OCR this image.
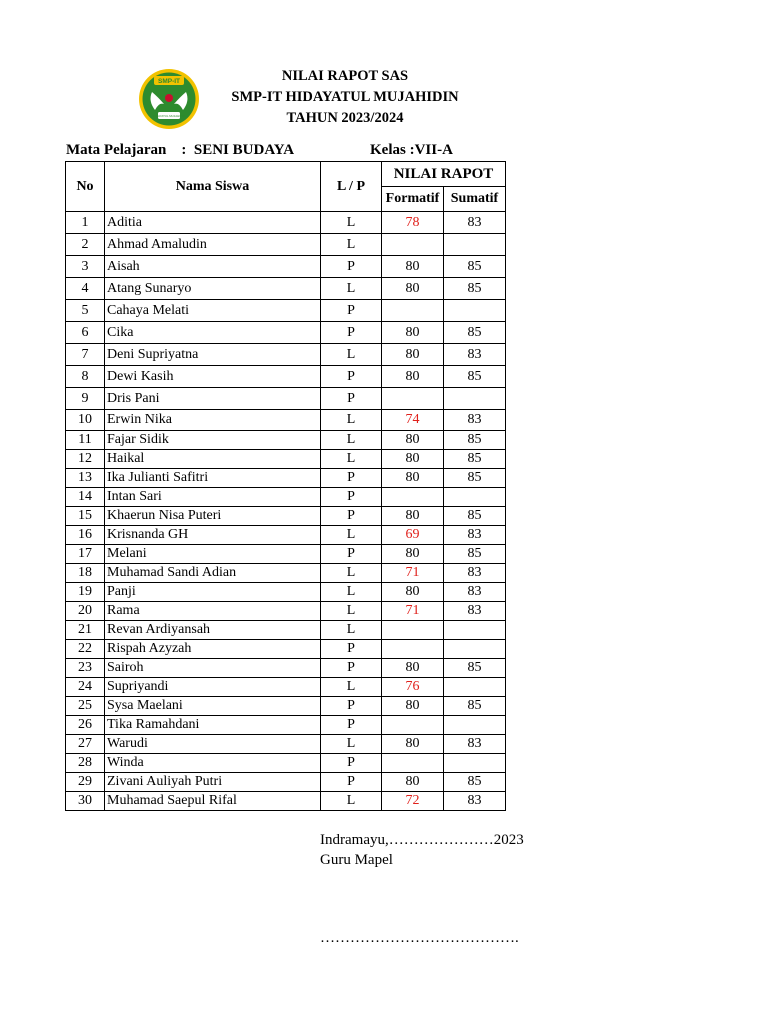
SMP-IT
HIDAYATUL MUJAHIDIN
NILAI RAPOT SAS
SMP-IT HIDAYATUL MUJAHIDIN
TAHUN 2023/2024
Mata Pelajaran    :  SENI BUDAYA	Kelas :VII-A
No	Nama Siswa	L / P	NILAI RAPOT	
			Formatif	Sumatif
1	Aditia	L	78	83
2	Ahmad Amaludin	L		
3	Aisah	P	80	85
4	Atang Sunaryo	L	80	85
5	Cahaya Melati	P		
6	Cika	P	80	85
7	Deni Supriyatna	L	80	83
8	Dewi Kasih	P	80	85
9	Dris Pani	P		
10	Erwin Nika	L	74	83
11	Fajar Sidik	L	80	85
12	Haikal	L	80	85
13	Ika Julianti Safitri	P	80	85
14	Intan Sari	P		
15	Khaerun Nisa Puteri	P	80	85
16	Krisnanda GH	L	69	83
17	Melani	P	80	85
18	Muhamad Sandi Adian	L	71	83
19	Panji	L	80	83
20	Rama	L	71	83
21	Revan Ardiyansah	L		
22	Rispah Azyzah	P		
23	Sairoh	P	80	85
24	Supriyandi	L	76	
25	Sysa Maelani	P	80	85
26	Tika Ramahdani	P		
27	Warudi	L	80	83
28	Winda	P		
29	Zivani Auliyah Putri	P	80	85
30	Muhamad Saepul Rifal	L	72	83
Indramayu,…………………2023
Guru Mapel
………………………………….
